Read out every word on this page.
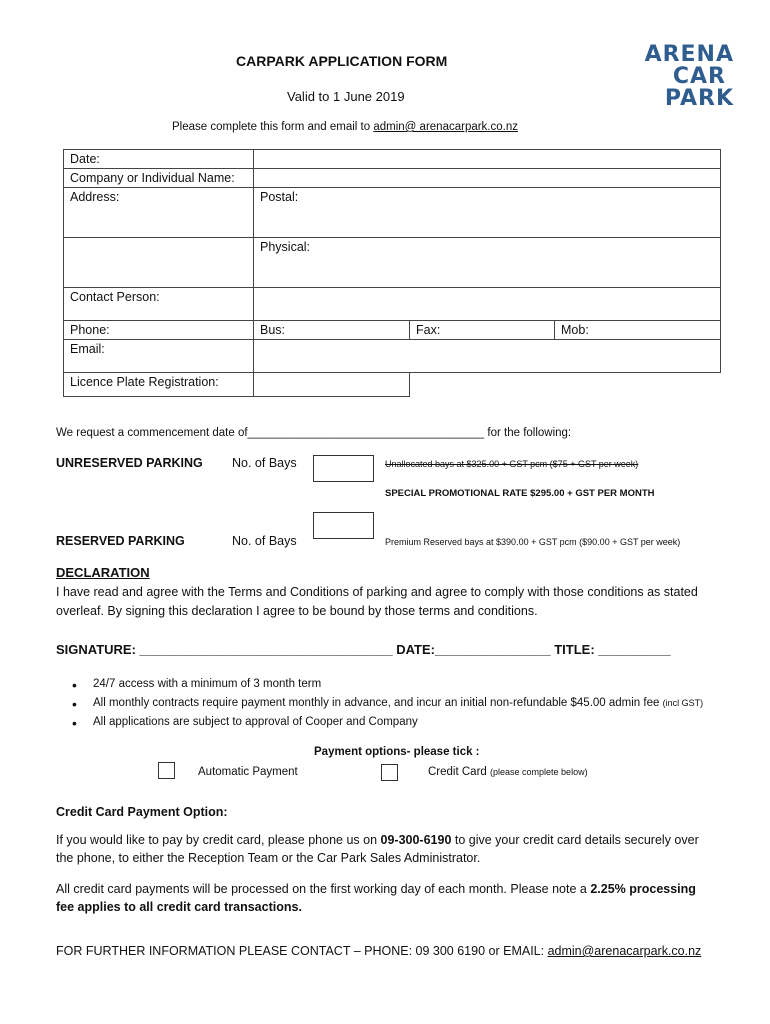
CARPARK APPLICATION FORM
Valid to 1 June 2019
Please complete this form and email to admin@ arenacarpark.co.nz
ARENA
CAR
PARK
Date:			
Company or Individual Name:			
Address:	Postal:		
	Physical:		
Contact Person:			
Phone:	Bus:	Fax:	Mob:
Email:			
Licence Plate Registration:			
We request a commencement date of_____________________________________ for the following:
UNRESERVED PARKING No. of Bays	Unallocated bays at $325.00 + GST pcm ($75 + GST per week)
SPECIAL PROMOTIONAL RATE $295.00 + GST PER MONTH
RESERVED PARKING	No. of Bays	Premium Reserved bays at $390.00 + GST pcm ($90.00 + GST per week)
DECLARATION
I have read and agree with the Terms and Conditions of parking and agree to comply with those conditions as stated
overleaf. By signing this declaration I agree to be bound by those terms and conditions.
SIGNATURE: ___________________________________ DATE:________________ TITLE: __________
• 24/7 access with a minimum of 3 month term
• All monthly contracts require payment monthly in advance, and incur an initial non-refundable $45.00 admin fee (incl GST)
• All applications are subject to approval of Cooper and Company
Payment options- please tick :
Automatic Payment	Credit Card (please complete below)
Credit Card Payment Option:
If you would like to pay by credit card, please phone us on 09-300-6190 to give your credit card details securely over
the phone, to either the Reception Team or the Car Park Sales Administrator.
All credit card payments will be processed on the first working day of each month. Please note a 2.25% processing
fee applies to all credit card transactions.
FOR FURTHER INFORMATION PLEASE CONTACT – PHONE: 09 300 6190 or EMAIL: admin@arenacarpark.co.nz
